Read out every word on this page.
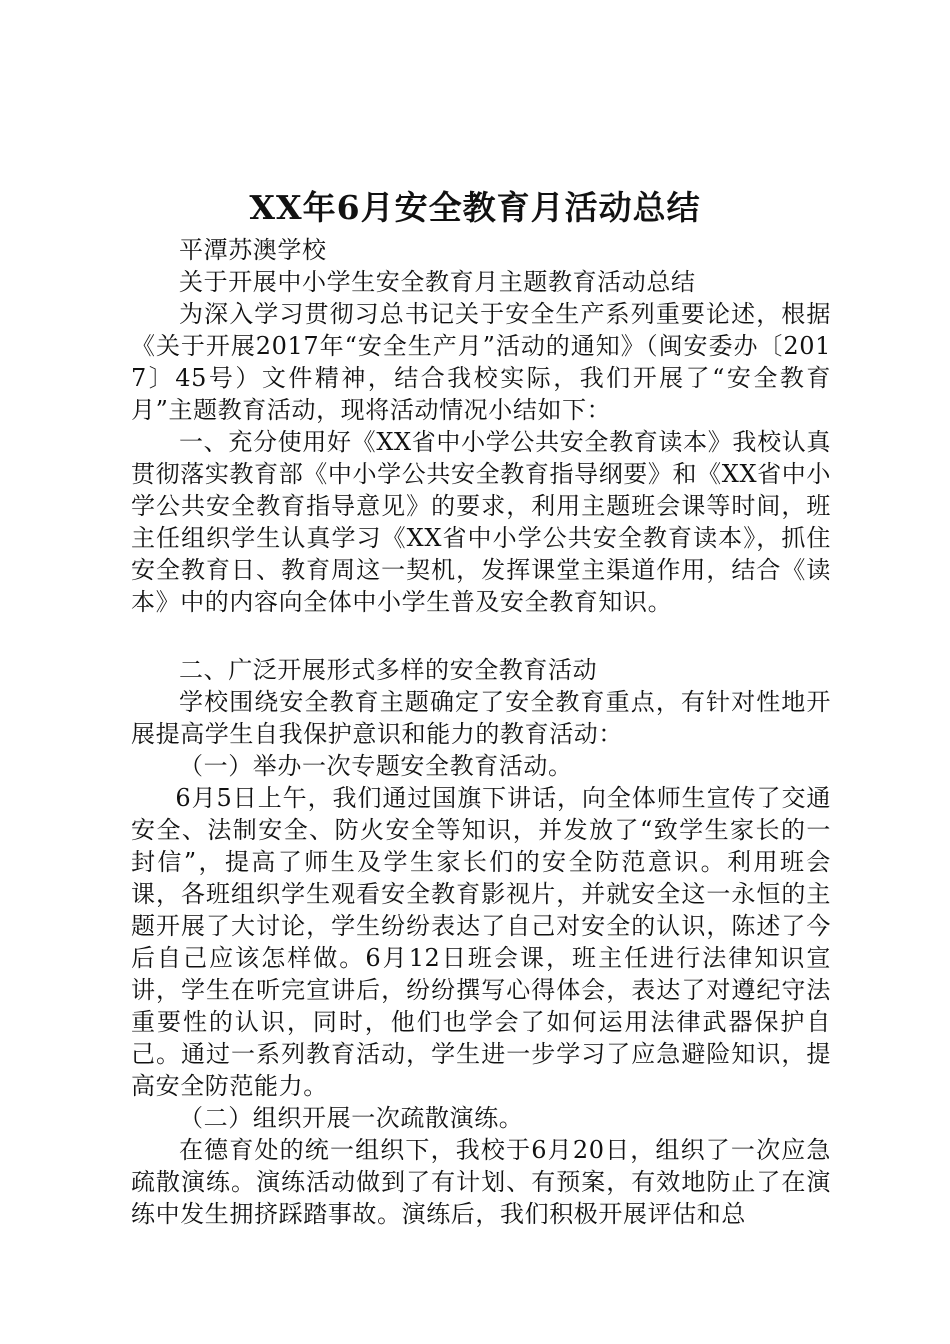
XX年6月安全教育月活动总结

平潭苏澳学校

关于开展中小学生安全教育月主题教育活动总结

为深入学习贯彻习总书记关于安全生产系列重要论述，根据《关于开展2017年“安全生产月”活动的通知》（闽安委办〔2017〕45号）文件精神，结合我校实际，我们开展了“安全教育月”主题教育活动，现将活动情况小结如下：

一、充分使用好《XX省中小学公共安全教育读本》我校认真贯彻落实教育部《中小学公共安全教育指导纲要》和《XX省中小学公共安全教育指导意见》的要求，利用主题班会课等时间，班主任组织学生认真学习《XX省中小学公共安全教育读本》，抓住安全教育日、教育周这一契机，发挥课堂主渠道作用，结合《读本》中的内容向全体中小学生普及安全教育知识。

二、广泛开展形式多样的安全教育活动

学校围绕安全教育主题确定了安全教育重点，有针对性地开展提高学生自我保护意识和能力的教育活动：

（一）举办一次专题安全教育活动。

6月5日上午，我们通过国旗下讲话，向全体师生宣传了交通安全、法制安全、防火安全等知识，并发放了“致学生家长的一封信”，提高了师生及学生家长们的安全防范意识。利用班会课，各班组织学生观看安全教育影视片，并就安全这一永恒的主题开展了大讨论，学生纷纷表达了自己对安全的认识，陈述了今后自己应该怎样做。6月12日班会课，班主任进行法律知识宣讲，学生在听完宣讲后，纷纷撰写心得体会，表达了对遵纪守法重要性的认识，同时，他们也学会了如何运用法律武器保护自己。通过一系列教育活动，学生进一步学习了应急避险知识，提高安全防范能力。

（二）组织开展一次疏散演练。

在德育处的统一组织下，我校于6月20日，组织了一次应急疏散演练。演练活动做到了有计划、有预案，有效地防止了在演练中发生拥挤踩踏事故。演练后，我们积极开展评估和总
